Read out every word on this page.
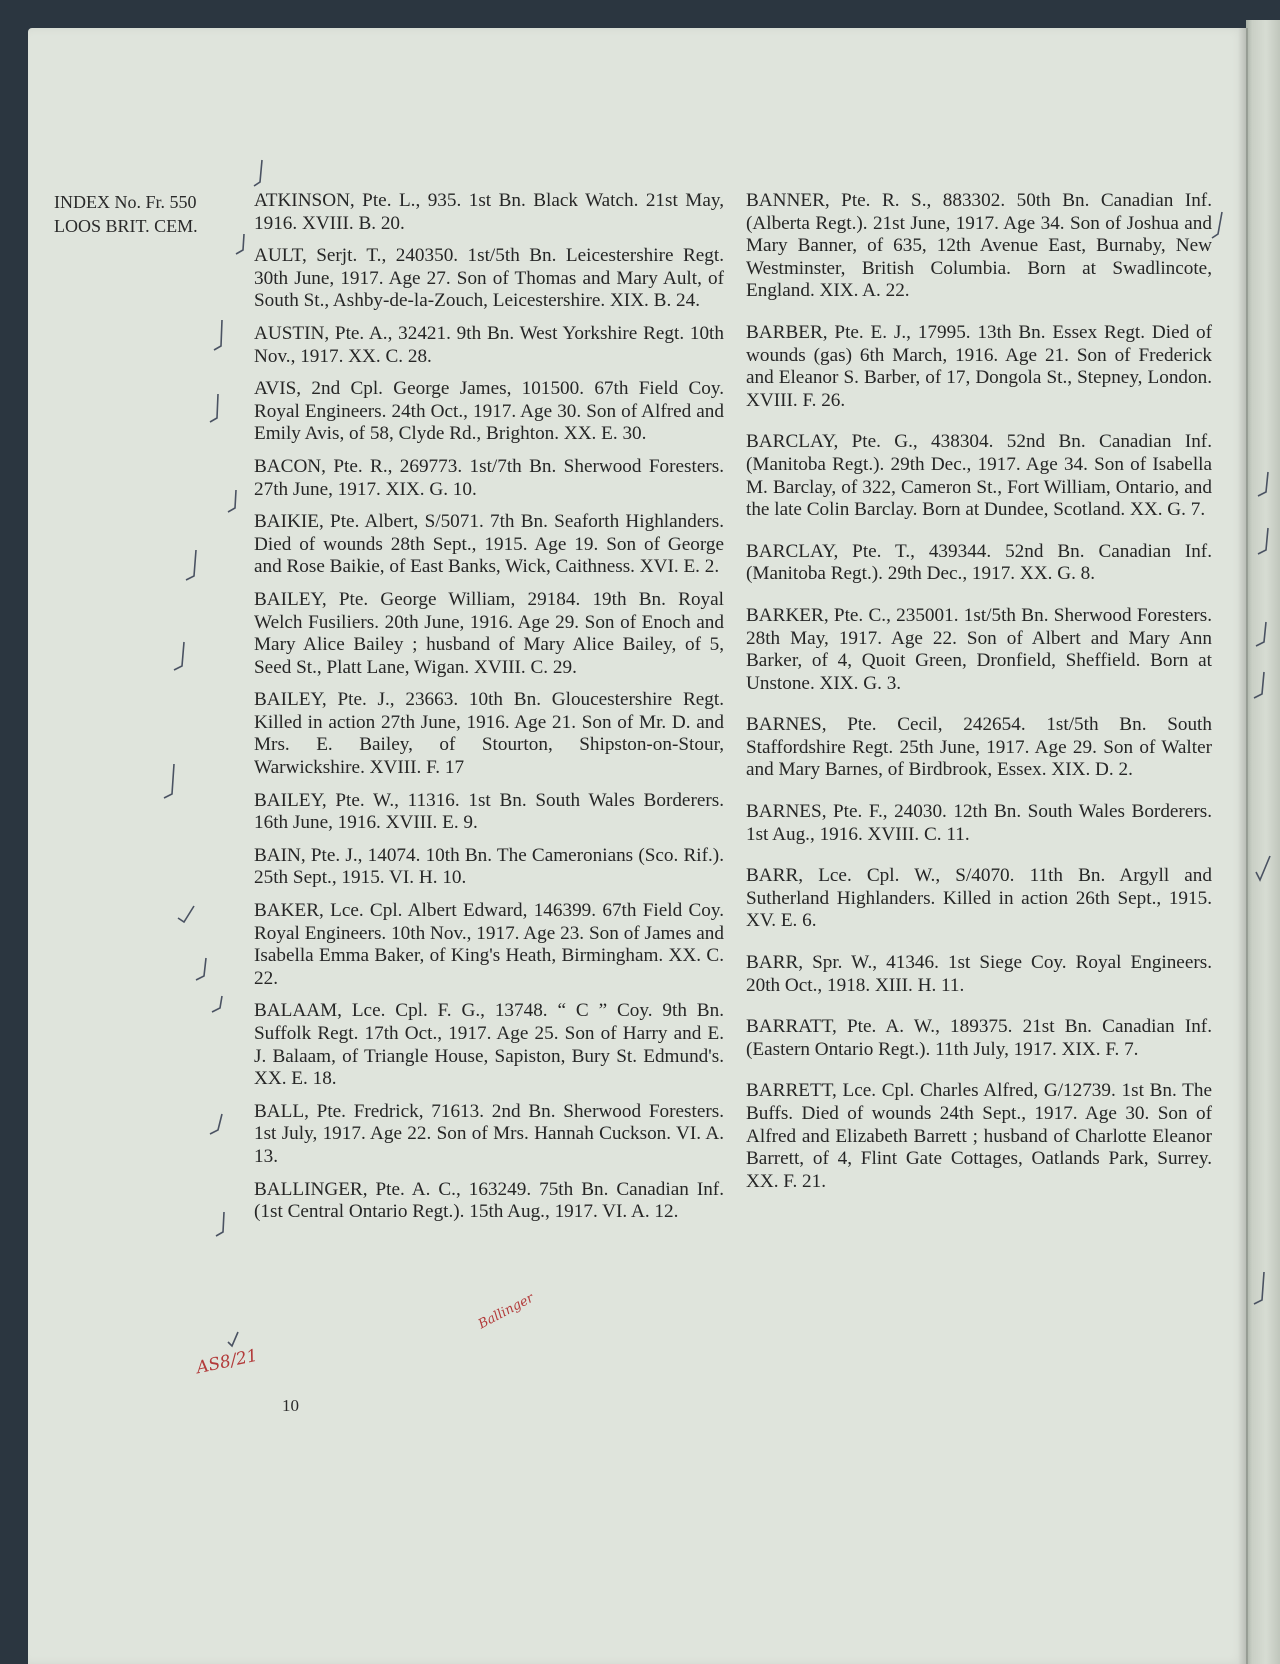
INDEX No. Fr. 550
LOOS BRIT. CEM.

ATKINSON, Pte. L., 935. 1st Bn. Black Watch. 21st May, 1916. XVIII. B. 20.

AULT, Serjt. T., 240350. 1st/5th Bn. Leicestershire Regt. 30th June, 1917. Age 27. Son of Thomas and Mary Ault, of South St., Ashby-de-la-Zouch, Leicestershire. XIX. B. 24.

AUSTIN, Pte. A., 32421. 9th Bn. West Yorkshire Regt. 10th Nov., 1917. XX. C. 28.

AVIS, 2nd Cpl. George James, 101500. 67th Field Coy. Royal Engineers. 24th Oct., 1917. Age 30. Son of Alfred and Emily Avis, of 58, Clyde Rd., Brighton. XX. E. 30.

BACON, Pte. R., 269773. 1st/7th Bn. Sherwood Foresters. 27th June, 1917. XIX. G. 10.

BAIKIE, Pte. Albert, S/5071. 7th Bn. Seaforth Highlanders. Died of wounds 28th Sept., 1915. Age 19. Son of George and Rose Baikie, of East Banks, Wick, Caithness. XVI. E. 2.

BAILEY, Pte. George William, 29184. 19th Bn. Royal Welch Fusiliers. 20th June, 1916. Age 29. Son of Enoch and Mary Alice Bailey ; husband of Mary Alice Bailey, of 5, Seed St., Platt Lane, Wigan. XVIII. C. 29.

BAILEY, Pte. J., 23663. 10th Bn. Gloucestershire Regt. Killed in action 27th June, 1916. Age 21. Son of Mr. D. and Mrs. E. Bailey, of Stourton, Shipston-on-Stour, Warwickshire. XVIII. F. 17

BAILEY, Pte. W., 11316. 1st Bn. South Wales Borderers. 16th June, 1916. XVIII. E. 9.

BAIN, Pte. J., 14074. 10th Bn. The Cameronians (Sco. Rif.). 25th Sept., 1915. VI. H. 10.

BAKER, Lce. Cpl. Albert Edward, 146399. 67th Field Coy. Royal Engineers. 10th Nov., 1917. Age 23. Son of James and Isabella Emma Baker, of King's Heath, Birmingham. XX. C. 22.

BALAAM, Lce. Cpl. F. G., 13748. “ C ” Coy. 9th Bn. Suffolk Regt. 17th Oct., 1917. Age 25. Son of Harry and E. J. Balaam, of Triangle House, Sapiston, Bury St. Edmund's. XX. E. 18.

BALL, Pte. Fredrick, 71613. 2nd Bn. Sherwood Foresters. 1st July, 1917. Age 22. Son of Mrs. Hannah Cuckson. VI. A. 13.

BALLINGER, Pte. A. C., 163249. 75th Bn. Canadian Inf. (1st Central Ontario Regt.). 15th Aug., 1917. VI. A. 12.

BANNER, Pte. R. S., 883302. 50th Bn. Canadian Inf. (Alberta Regt.). 21st June, 1917. Age 34. Son of Joshua and Mary Banner, of 635, 12th Avenue East, Burnaby, New Westminster, British Columbia. Born at Swadlincote, England. XIX. A. 22.

BARBER, Pte. E. J., 17995. 13th Bn. Essex Regt. Died of wounds (gas) 6th March, 1916. Age 21. Son of Frederick and Eleanor S. Barber, of 17, Dongola St., Stepney, London. XVIII. F. 26.

BARCLAY, Pte. G., 438304. 52nd Bn. Canadian Inf. (Manitoba Regt.). 29th Dec., 1917. Age 34. Son of Isabella M. Barclay, of 322, Cameron St., Fort William, Ontario, and the late Colin Barclay. Born at Dundee, Scotland. XX. G. 7.

BARCLAY, Pte. T., 439344. 52nd Bn. Canadian Inf. (Manitoba Regt.). 29th Dec., 1917. XX. G. 8.

BARKER, Pte. C., 235001. 1st/5th Bn. Sherwood Foresters. 28th May, 1917. Age 22. Son of Albert and Mary Ann Barker, of 4, Quoit Green, Dronfield, Sheffield. Born at Unstone. XIX. G. 3.

BARNES, Pte. Cecil, 242654. 1st/5th Bn. South Staffordshire Regt. 25th June, 1917. Age 29. Son of Walter and Mary Barnes, of Birdbrook, Essex. XIX. D. 2.

BARNES, Pte. F., 24030. 12th Bn. South Wales Borderers. 1st Aug., 1916. XVIII. C. 11.

BARR, Lce. Cpl. W., S/4070. 11th Bn. Argyll and Sutherland Highlanders. Killed in action 26th Sept., 1915. XV. E. 6.

BARR, Spr. W., 41346. 1st Siege Coy. Royal Engineers. 20th Oct., 1918. XIII. H. 11.

BARRATT, Pte. A. W., 189375. 21st Bn. Canadian Inf. (Eastern Ontario Regt.). 11th July, 1917. XIX. F. 7.

BARRETT, Lce. Cpl. Charles Alfred, G/12739. 1st Bn. The Buffs. Died of wounds 24th Sept., 1917. Age 30. Son of Alfred and Elizabeth Barrett ; husband of Charlotte Eleanor Barrett, of 4, Flint Gate Cottages, Oatlands Park, Surrey. XX. F. 21.

10
AS8/21
Ballinger
